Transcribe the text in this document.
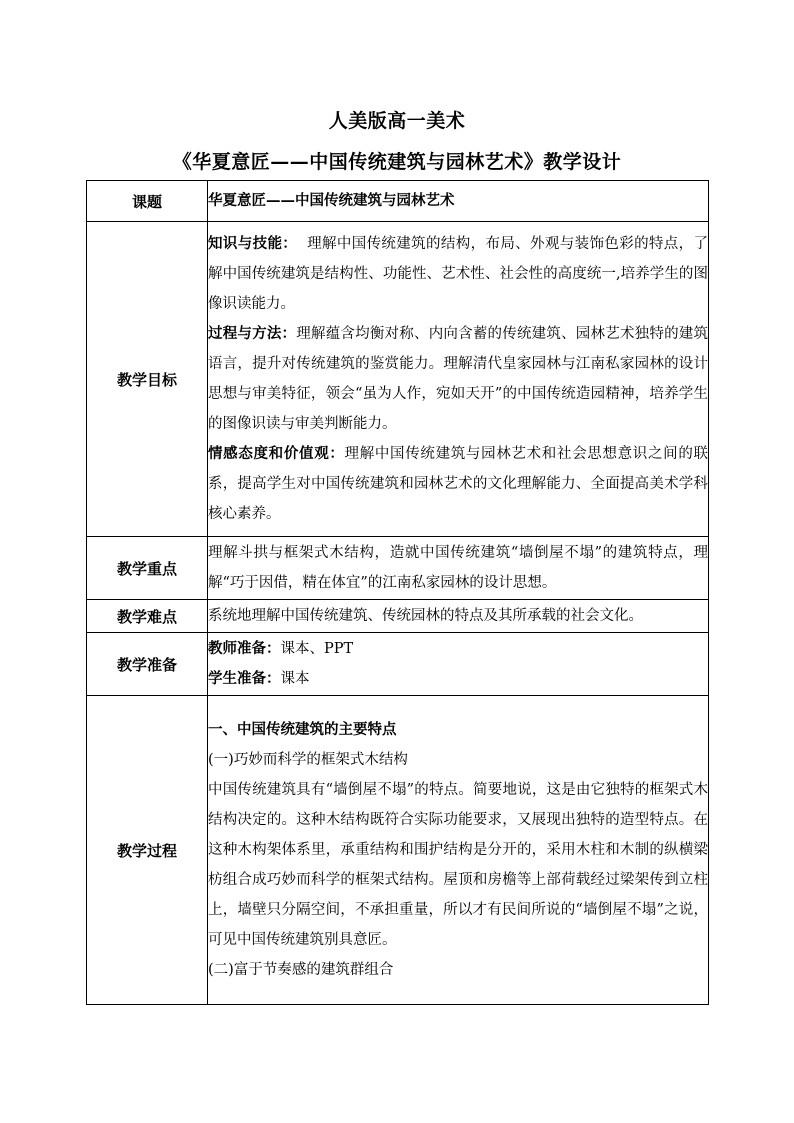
人美版高一美术
《华夏意匠——中国传统建筑与园林艺术》教学设计
课题	华夏意匠——中国传统建筑与园林艺术
教学目标	知识与技能： 理解中国传统建筑的结构，布局、外观与装饰色彩的特点，了解中国传统建筑是结构性、功能性、艺术性、社会性的高度统一,培养学生的图像识读能力。

过程与方法：理解蕴含均衡对称、内向含蓄的传统建筑、园林艺术独特的建筑语言，提升对传统建筑的鉴赏能力。理解清代皇家园林与江南私家园林的设计思想与审美特征，领会“虽为人作，宛如天开”的中国传统造园精神，培养学生的图像识读与审美判断能力。

情感态度和价值观：理解中国传统建筑与园林艺术和社会思想意识之间的联系，提高学生对中国传统建筑和园林艺术的文化理解能力、全面提高美术学科核心素养。

教学重点	理解斗拱与框架式木结构，造就中国传统建筑“墙倒屋不塌”的建筑特点，理解“巧于因借，精在体宜”的江南私家园林的设计思想。
教学难点	系统地理解中国传统建筑、传统园林的特点及其所承载的社会文化。
教学准备	教师准备：课本、PPT

学生准备：课本

教学过程	一、中国传统建筑的主要特点

(一)巧妙而科学的框架式木结构

中国传统建筑具有“墙倒屋不塌”的特点。简要地说，这是由它独特的框架式木结构决定的。这种木结构既符合实际功能要求，又展现出独特的造型特点。在这种木构架体系里，承重结构和围护结构是分开的，采用木柱和木制的纵横梁枋组合成巧妙而科学的框架式结构。屋顶和房檐等上部荷载经过梁架传到立柱上，墙壁只分隔空间，不承担重量，所以才有民间所说的“墙倒屋不塌”之说，可见中国传统建筑别具意匠。

(二)富于节奏感的建筑群组合
